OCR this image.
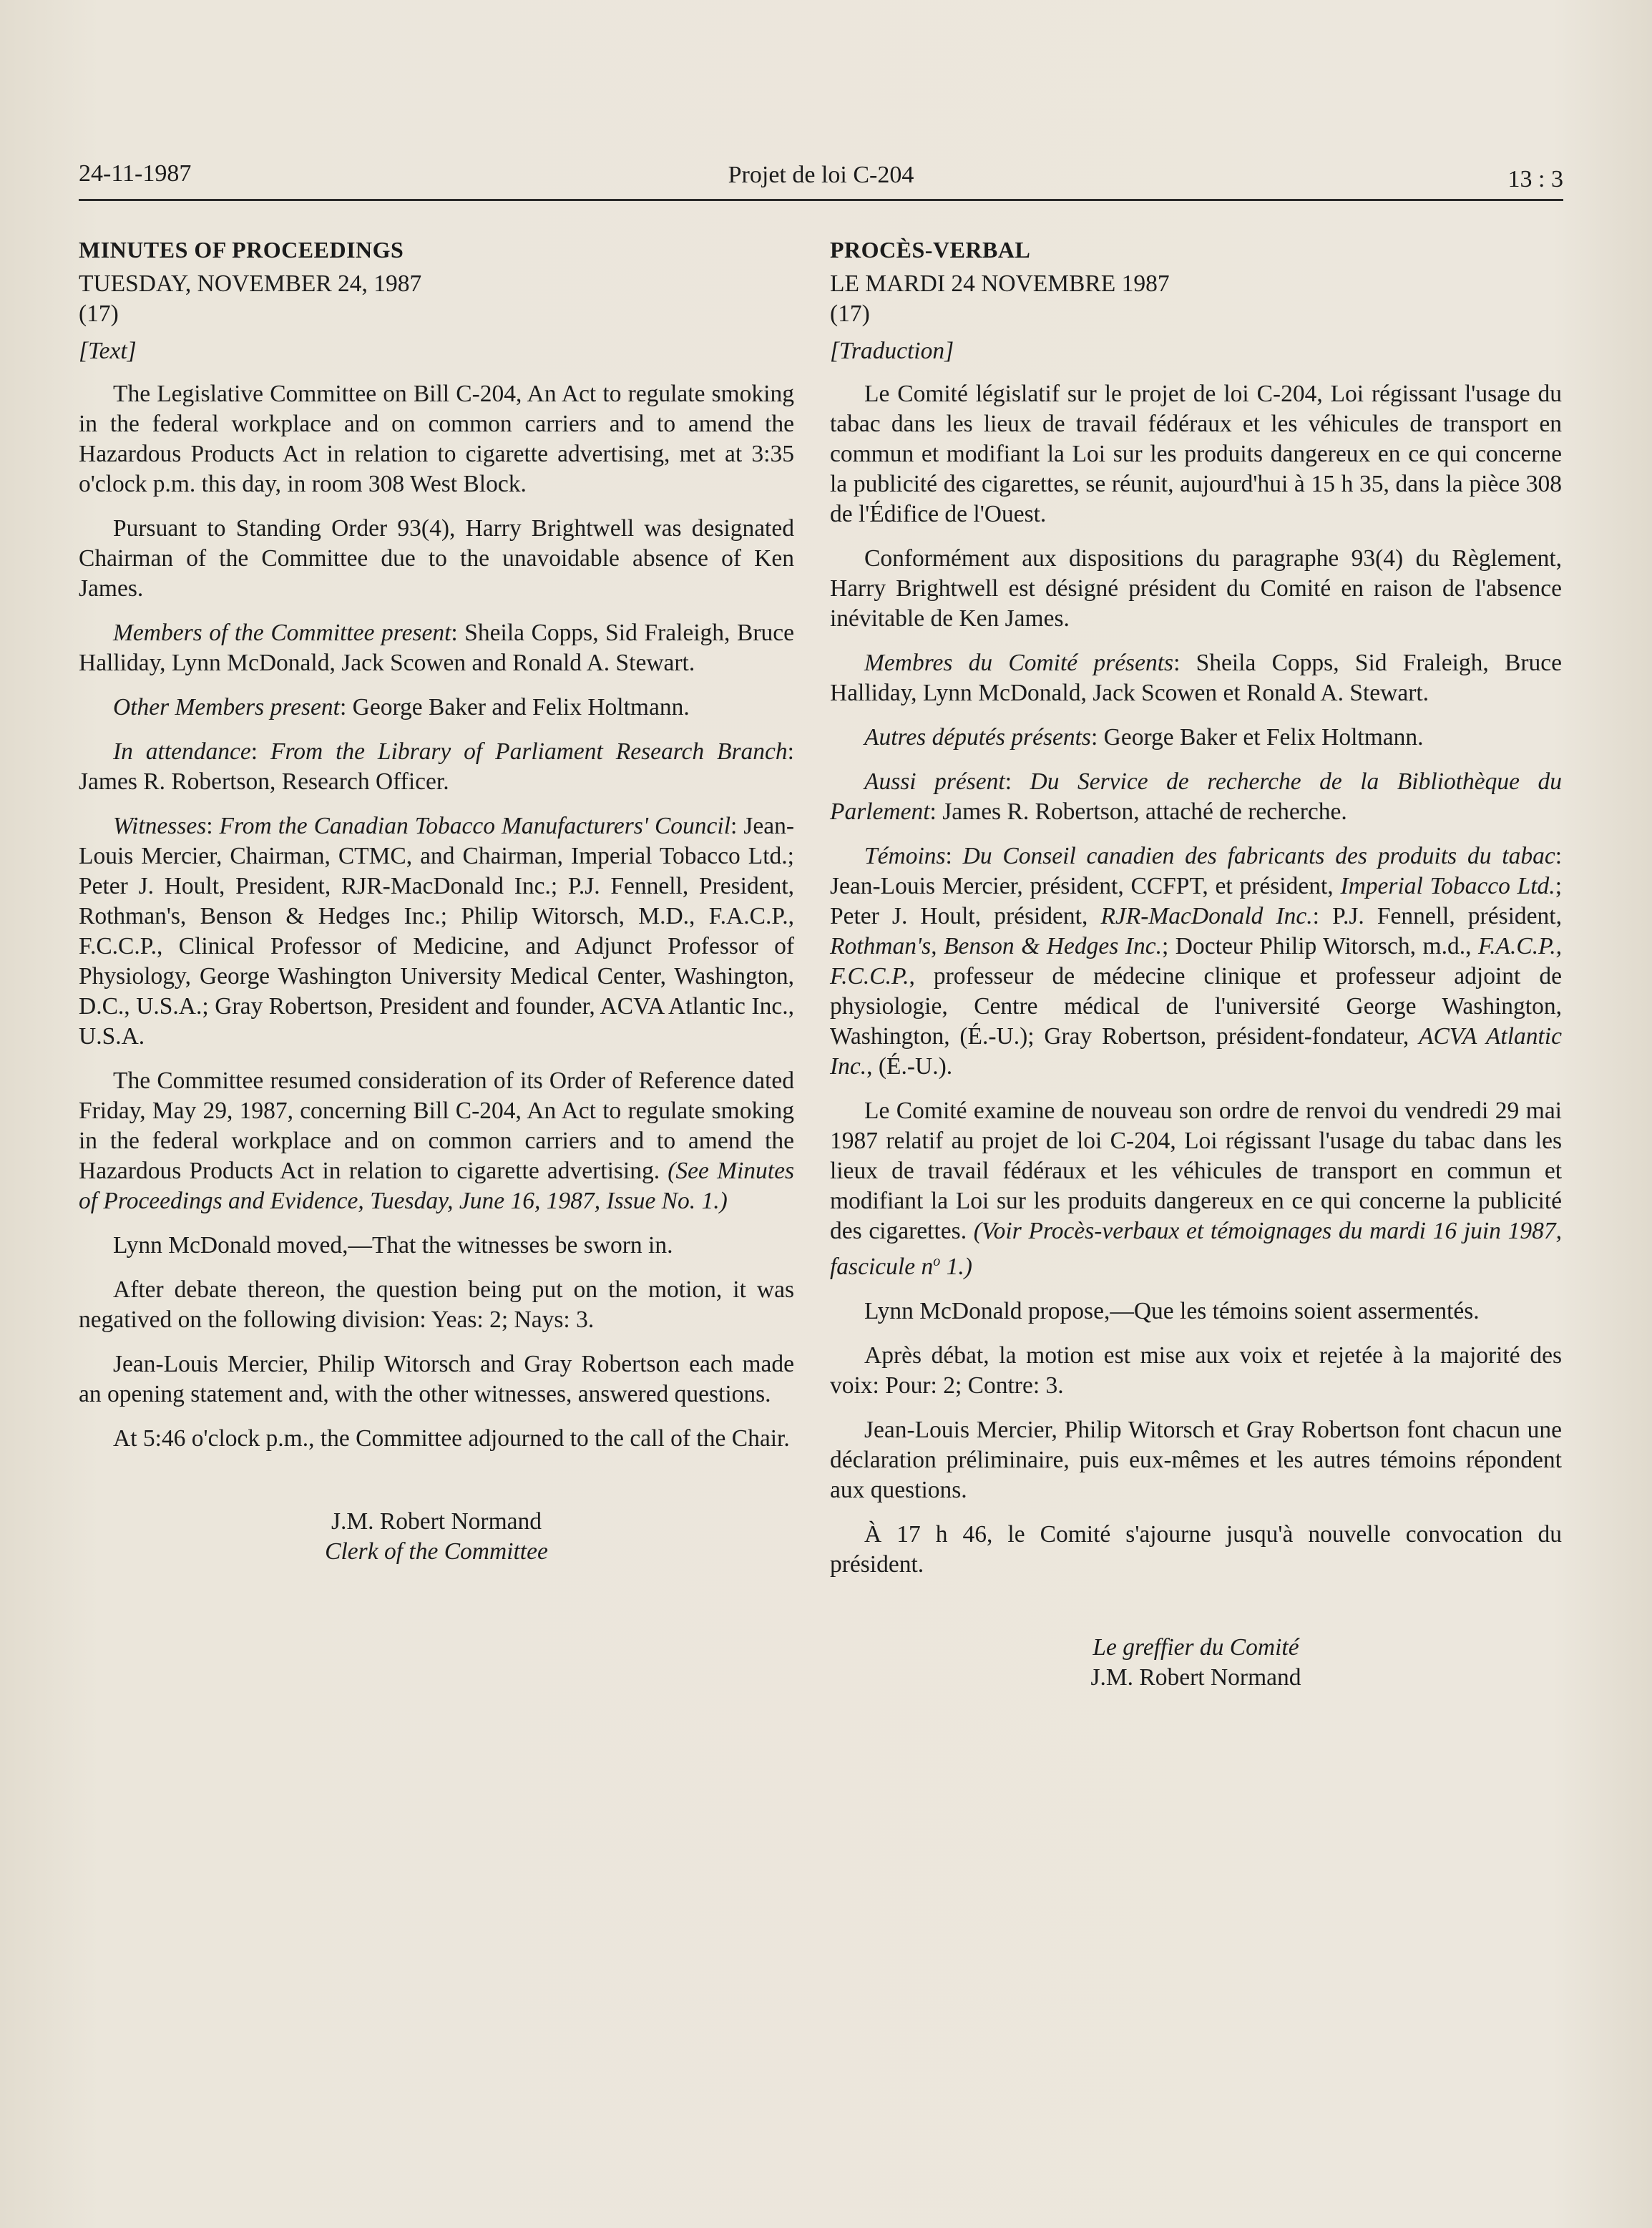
24-11-1987	Projet de loi C-204	13 : 3
MINUTES OF PROCEEDINGS
TUESDAY, NOVEMBER 24, 1987
(17)
[Text]

The Legislative Committee on Bill C-204, An Act to regulate smoking in the federal workplace and on common carriers and to amend the Hazardous Products Act in relation to cigarette advertising, met at 3:35 o'clock p.m. this day, in room 308 West Block.

Pursuant to Standing Order 93(4), Harry Brightwell was designated Chairman of the Committee due to the unavoidable absence of Ken James.

Members of the Committee present: Sheila Copps, Sid Fraleigh, Bruce Halliday, Lynn McDonald, Jack Scowen and Ronald A. Stewart.

Other Members present: George Baker and Felix Holtmann.

In attendance: From the Library of Parliament Research Branch: James R. Robertson, Research Officer.

Witnesses: From the Canadian Tobacco Manufacturers' Council: Jean-Louis Mercier, Chairman, CTMC, and Chairman, Imperial Tobacco Ltd.; Peter J. Hoult, President, RJR-MacDonald Inc.; P.J. Fennell, President, Rothman's, Benson & Hedges Inc.; Philip Witorsch, M.D., F.A.C.P., F.C.C.P., Clinical Professor of Medicine, and Adjunct Professor of Physiology, George Washington University Medical Center, Washington, D.C., U.S.A.; Gray Robertson, President and founder, ACVA Atlantic Inc., U.S.A.

The Committee resumed consideration of its Order of Reference dated Friday, May 29, 1987, concerning Bill C-204, An Act to regulate smoking in the federal workplace and on common carriers and to amend the Hazardous Products Act in relation to cigarette advertising. (See Minutes of Proceedings and Evidence, Tuesday, June 16, 1987, Issue No. 1.)

Lynn McDonald moved,—That the witnesses be sworn in.

After debate thereon, the question being put on the motion, it was negatived on the following division: Yeas: 2; Nays: 3.

Jean-Louis Mercier, Philip Witorsch and Gray Robertson each made an opening statement and, with the other witnesses, answered questions.

At 5:46 o'clock p.m., the Committee adjourned to the call of the Chair.

J.M. Robert Normand
Clerk of the Committee
PROCÈS-VERBAL
LE MARDI 24 NOVEMBRE 1987
(17)
[Traduction]

Le Comité législatif sur le projet de loi C-204, Loi régissant l'usage du tabac dans les lieux de travail fédéraux et les véhicules de transport en commun et modifiant la Loi sur les produits dangereux en ce qui concerne la publicité des cigarettes, se réunit, aujourd'hui à 15 h 35, dans la pièce 308 de l'Édifice de l'Ouest.

Conformément aux dispositions du paragraphe 93(4) du Règlement, Harry Brightwell est désigné président du Comité en raison de l'absence inévitable de Ken James.

Membres du Comité présents: Sheila Copps, Sid Fraleigh, Bruce Halliday, Lynn McDonald, Jack Scowen et Ronald A. Stewart.

Autres députés présents: George Baker et Felix Holtmann.

Aussi présent: Du Service de recherche de la Bibliothèque du Parlement: James R. Robertson, attaché de recherche.

Témoins: Du Conseil canadien des fabricants des produits du tabac: Jean-Louis Mercier, président, CCFPT, et président, Imperial Tobacco Ltd.; Peter J. Hoult, président, RJR-MacDonald Inc.: P.J. Fennell, président, Rothman's, Benson & Hedges Inc.; Docteur Philip Witorsch, m.d., F.A.C.P., F.C.C.P., professeur de médecine clinique et professeur adjoint de physiologie, Centre médical de l'université George Washington, Washington, (É.-U.); Gray Robertson, président-fondateur, ACVA Atlantic Inc., (É.-U.).

Le Comité examine de nouveau son ordre de renvoi du vendredi 29 mai 1987 relatif au projet de loi C-204, Loi régissant l'usage du tabac dans les lieux de travail fédéraux et les véhicules de transport en commun et modifiant la Loi sur les produits dangereux en ce qui concerne la publicité des cigarettes. (Voir Procès-verbaux et témoignages du mardi 16 juin 1987, fascicule $n^o$ 1.)

Lynn McDonald propose,—Que les témoins soient assermentés.

Après débat, la motion est mise aux voix et rejetée à la majorité des voix: Pour: 2; Contre: 3.

Jean-Louis Mercier, Philip Witorsch et Gray Robertson font chacun une déclaration préliminaire, puis eux-mêmes et les autres témoins répondent aux questions.

À 17 h 46, le Comité s'ajourne jusqu'à nouvelle convocation du président.

Le greffier du Comité
J.M. Robert Normand
